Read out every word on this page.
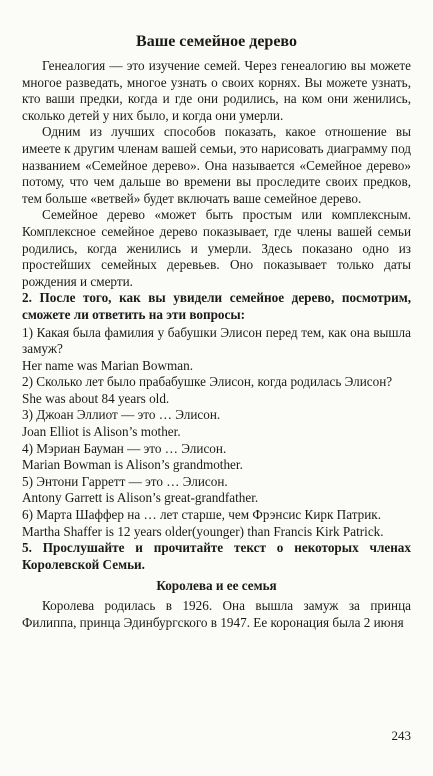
Ваше семейное дерево

Генеалогия — это изучение семей. Через генеалогию вы можете многое разведать, многое узнать о своих корнях. Вы можете узнать, кто ваши предки, когда и где они родились, на ком они женились, сколько детей у них было, и когда они умерли.

Одним из лучших способов показать, какое отношение вы имеете к другим членам вашей семьи, это нарисовать диаграмму под названием «Семейное дерево». Она называется «Семейное дерево» потому, что чем дальше во времени вы проследите своих предков, тем больше «ветвей» будет включать ваше семейное дерево.

Семейное дерево «может быть простым или комплексным. Комплексное семейное дерево показывает, где члены вашей семьи родились, когда женились и умерли. Здесь показано одно из простейших семейных деревьев. Оно показывает только даты рождения и смерти.

2. После того, как вы увидели семейное дерево, посмотрим, сможете ли ответить на эти вопросы:

1) Какая была фамилия у бабушки Элисон перед тем, как она вышла замуж?

Her name was Marian Bowman.

2) Сколько лет было прабабушке Элисон, когда родилась Элисон?

She was about 84 years old.

3) Джоан Эллиот — это … Элисон.

Joan Elliot is Alison’s mother.

4) Мэриан Бауман — это … Элисон.

Marian Bowman is Alison’s grandmother.

5) Энтони Гарретт — это … Элисон.

Antony Garrett is Alison’s great-grandfather.

6) Марта Шаффер на … лет старше, чем Фрэнсис Кирк Патрик.

Martha Shaffer is 12 years older(younger) than Francis Kirk Patrick.

5. Прослушайте и прочитайте текст о некоторых членах Королевской Семьи.

Королева и ее семья

Королева родилась в 1926. Она вышла замуж за принца Филиппа, принца Эдинбургского в 1947. Ее коронация была 2 июня

243
